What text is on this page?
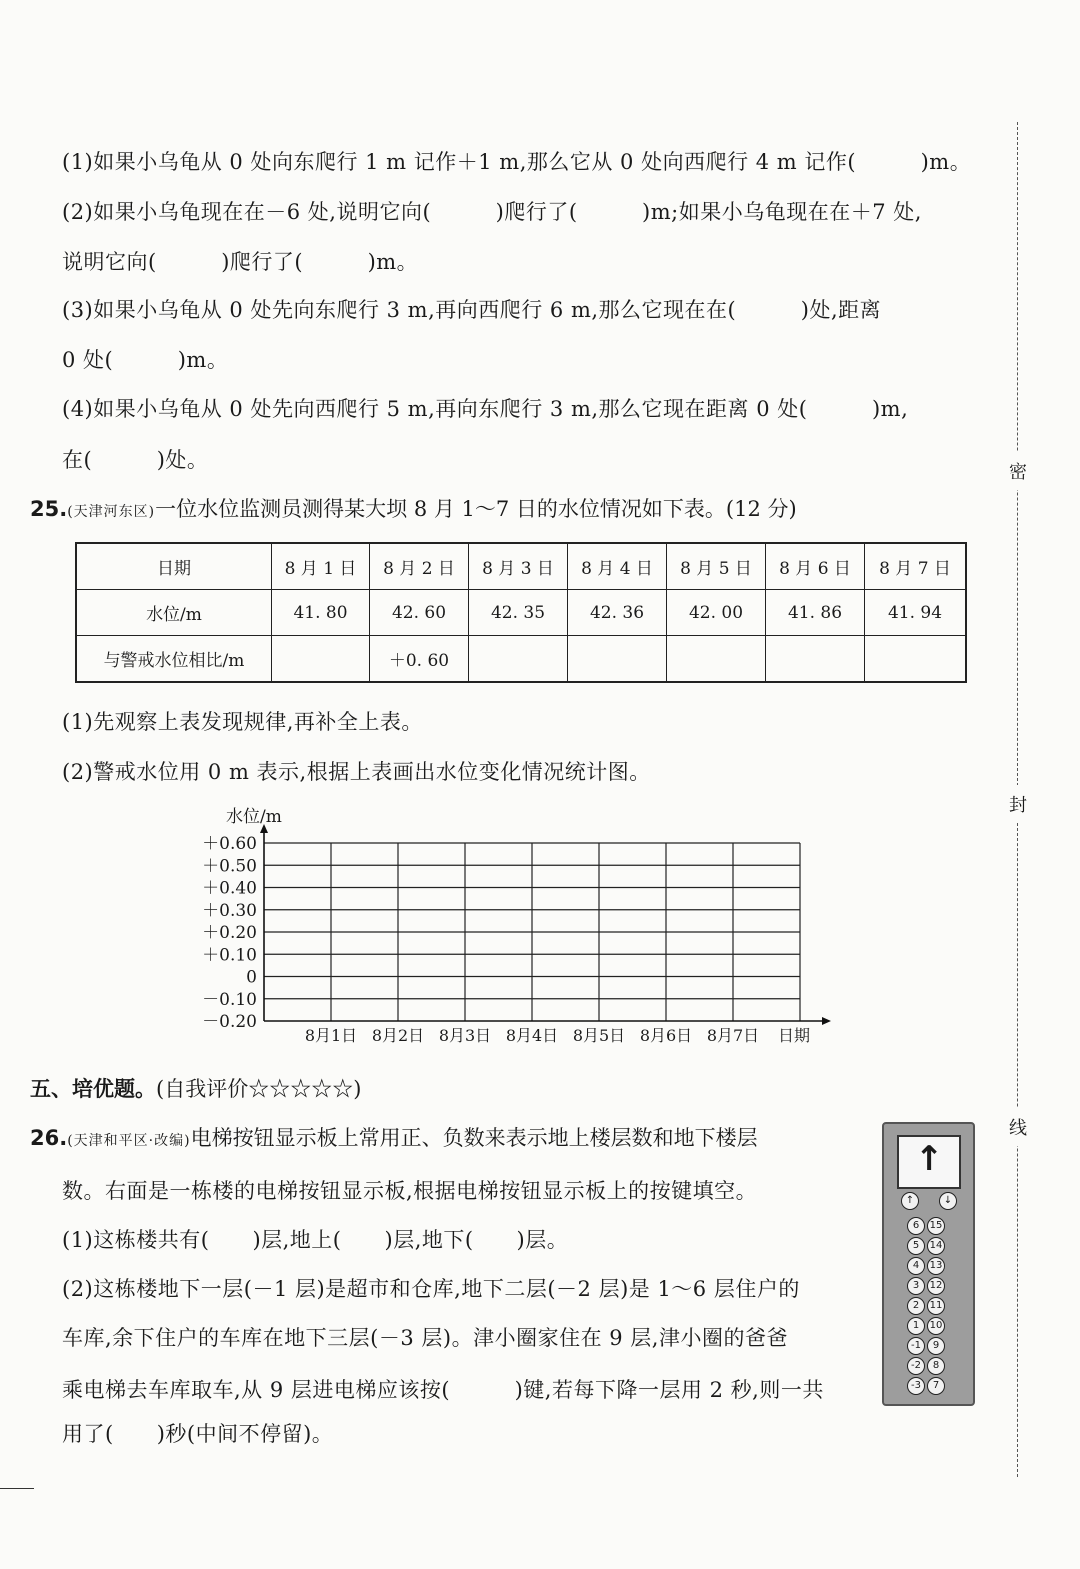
密
封
线
(1)如果小乌龟从 0 处向东爬行 1 m 记作＋1 m,那么它从 0 处向西爬行 4 m 记作(　　　)m。
(2)如果小乌龟现在在－6 处,说明它向(　　　)爬行了(　　　)m;如果小乌龟现在在＋7 处,
说明它向(　　　)爬行了(　　　)m。
(3)如果小乌龟从 0 处先向东爬行 3 m,再向西爬行 6 m,那么它现在在(　　　)处,距离
0 处(　　　)m。
(4)如果小乌龟从 0 处先向西爬行 5 m,再向东爬行 3 m,那么它现在距离 0 处(　　　)m,
在(　　　)处。
25.(天津河东区)一位水位监测员测得某大坝 8 月 1～7 日的水位情况如下表。(12 分)
日期	8 月 1 日	8 月 2 日	8 月 3 日	8 月 4 日	8 月 5 日	8 月 6 日	8 月 7 日
水位/m	41. 80	42. 60	42. 35	42. 36	42. 00	41. 86	41. 94
与警戒水位相比/m		＋0. 60					
(1)先观察上表发现规律,再补全上表。
(2)警戒水位用 0 m 表示,根据上表画出水位变化情况统计图。
＋0.60
＋0.50
＋0.40
＋0.30
＋0.20
＋0.10
0
－0.10
－0.20
水位/m
8月1日 8月2日 8月3日 8月4日 8月5日 8月6日 8月7日 日期
五、培优题。(自我评价☆☆☆☆☆)
26.(天津和平区·改编)电梯按钮显示板上常用正、负数来表示地上楼层数和地下楼层
数。右面是一栋楼的电梯按钮显示板,根据电梯按钮显示板上的按键填空。
(1)这栋楼共有(　　)层,地上(　　)层,地下(　　)层。
(2)这栋楼地下一层(－1 层)是超市和仓库,地下二层(－2 层)是 1～6 层住户的
车库,余下住户的车库在地下三层(－3 层)。津小圈家住在 9 层,津小圈的爸爸
乘电梯去车库取车,从 9 层进电梯应该按(　　　)键,若每下降一层用 2 秒,则一共
用了(　　)秒(中间不停留)。
↑
↑	↓
6
5
4
3
2
1
-1
-2
-3
15
14
13
12
11
10
9
8
7
